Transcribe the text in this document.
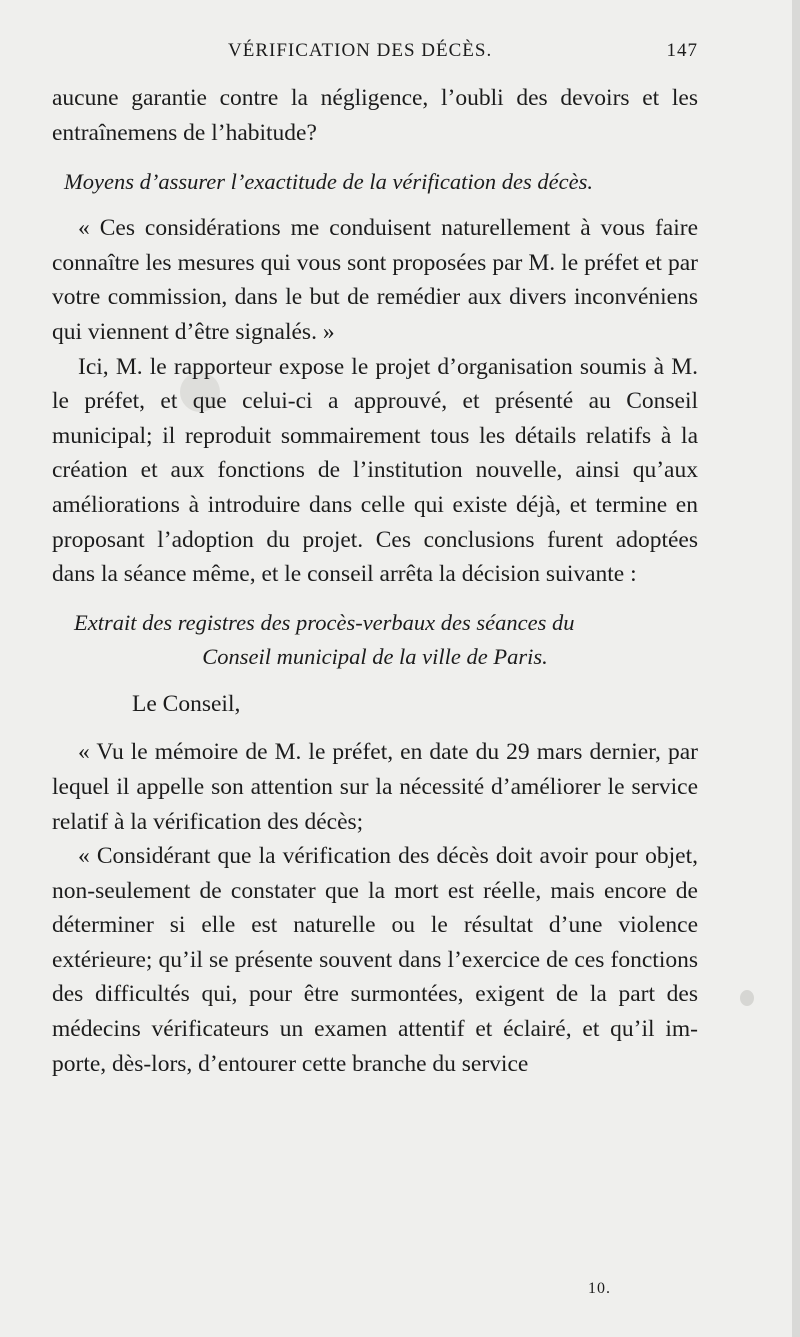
VÉRIFICATION DES DÉCÈS.	147

aucune garantie contre la négligence, l’oubli des devoirs et les entraînemens de l’habitude?

Moyens d’assurer l’exactitude de la vérification des décès.

« Ces considérations me conduisent naturellement à vous faire connaître les mesures qui vous sont proposées par M. le préfet et par votre commission, dans le but de remédier aux divers inconvéniens qui viennent d’être signalés. »

Ici, M. le rapporteur expose le projet d’organisation soumis à M. le préfet, et que celui-ci a approuvé, et présenté au Conseil municipal; il reproduit sommairement tous les détails relatifs à la création et aux fonctions de l’institution nouvelle, ainsi qu’aux améliorations à introduire dans celle qui existe déjà, et termine en proposant l’adoption du projet. Ces conclusions furent adoptées dans la séance même, et le conseil arrêta la décision suivante :

Extrait des registres des procès-verbaux des séances du
Conseil municipal de la ville de Paris.

Le Conseil,

« Vu le mémoire de M. le préfet, en date du 29 mars dernier, par lequel il appelle son attention sur la nécessité d’améliorer le service relatif à la vérification des décès;

« Considérant que la vérification des décès doit avoir pour objet, non-seulement de constater que la mort est réelle, mais encore de déterminer si elle est naturelle ou le résultat d’une violence extérieure; qu’il se présente souvent dans l’exercice de ces fonctions des difficultés qui, pour être surmontées, exigent de la part des médecins vérificateurs un examen attentif et éclairé, et qu’il importe, dès-lors, d’entourer cette branche du service

10.
